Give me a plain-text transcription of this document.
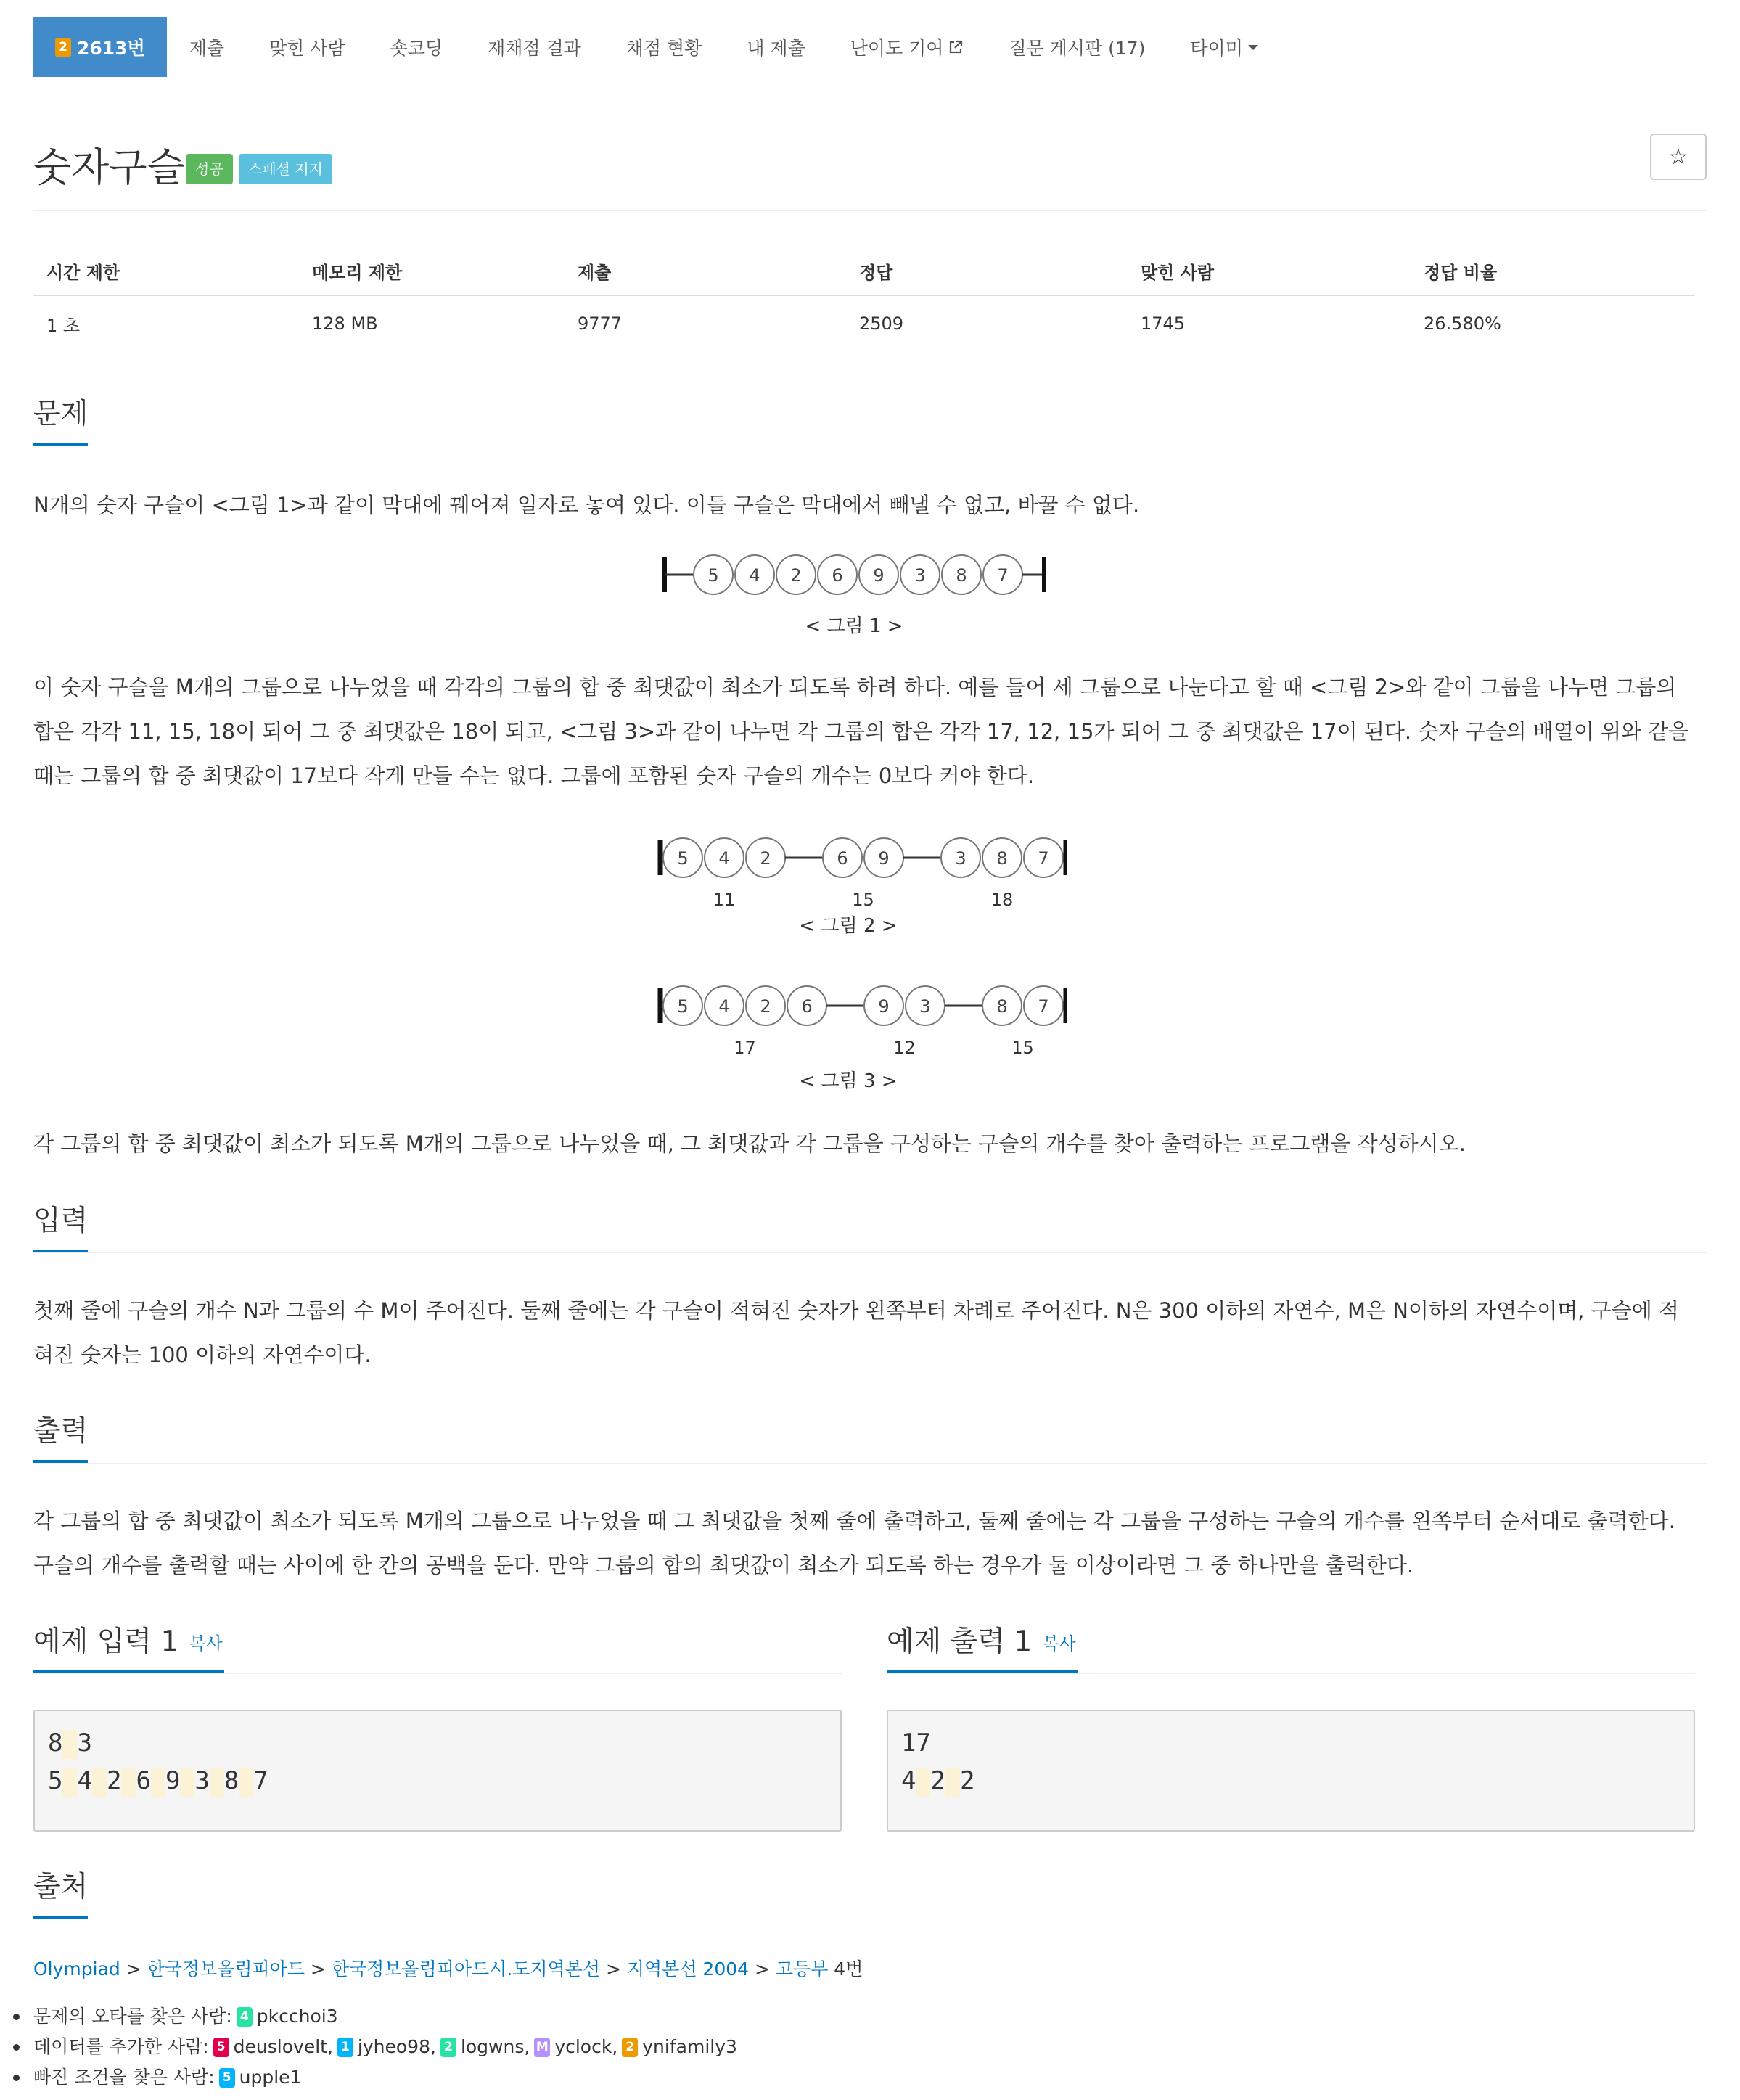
2 2613번	제출	맞힌 사람	숏코딩	재채점 결과	채점 현황	내 제출	난이도 기여	질문 게시판 (17)	타이머
숫자구슬 성공	스페셜 저지	☆
시간 제한	메모리 제한	제출	정답	맞힌 사람	정답 비율
1 초	128 MB	9777	2509	1745	26.580%
문제

N개의 숫자 구슬이 <그림 1>과 같이 막대에 꿰어져 일자로 놓여 있다. 이들 구슬은 막대에서 빼낼 수 없고, 바꿀 수 없다.

5 4 2 6 9 3 8 7
< 그림 1 >

이 숫자 구슬을 M개의 그룹으로 나누었을 때 각각의 그룹의 합 중 최댓값이 최소가 되도록 하려 하다. 예를 들어 세 그룹으로 나눈다고 할 때 <그림 2>와 같이 그룹을 나누면 그룹의 합은 각각 11, 15, 18이 되어 그 중 최댓값은 18이 되고, <그림 3>과 같이 나누면 각 그룹의 합은 각각 17, 12, 15가 되어 그 중 최댓값은 17이 된다. 숫자 구슬의 배열이 위와 같을 때는 그룹의 합 중 최댓값이 17보다 작게 만들 수는 없다. 그룹에 포함된 숫자 구슬의 개수는 0보다 커야 한다.

5 4 2
11
6 9
15
3 8 7
18
< 그림 2 >
5 4 2 6
17
9 3
12
8 7
15
< 그림 3 >

각 그룹의 합 중 최댓값이 최소가 되도록 M개의 그룹으로 나누었을 때, 그 최댓값과 각 그룹을 구성하는 구슬의 개수를 찾아 출력하는 프로그램을 작성하시오.

입력

첫째 줄에 구슬의 개수 N과 그룹의 수 M이 주어진다. 둘째 줄에는 각 구슬이 적혀진 숫자가 왼쪽부터 차례로 주어진다. N은 300 이하의 자연수, M은 N이하의 자연수이며, 구슬에 적혀진 숫자는 100 이하의 자연수이다.

출력

각 그룹의 합 중 최댓값이 최소가 되도록 M개의 그룹으로 나누었을 때 그 최댓값을 첫째 줄에 출력하고, 둘째 줄에는 각 그룹을 구성하는 구슬의 개수를 왼쪽부터 순서대로 출력한다. 구슬의 개수를 출력할 때는 사이에 한 칸의 공백을 둔다. 만약 그룹의 합의 최댓값이 최소가 되도록 하는 경우가 둘 이상이라면 그 중 하나만을 출력한다.

예제 입력 1 복사	예제 출력 1 복사
8 3
5 4 2 6 9 3 8 7
17
4 2 2
출처
Olympiad > 한국정보올림피아드 > 한국정보올림피아드시.도지역본선 > 지역본선 2004 > 고등부 4번
문제의 오타를 찾은 사람: 4 pkcchoi3
데이터를 추가한 사람: 5 deuslovelt, 1 jyheo98, 2 logwns, M yclock, 2 ynifamily3
빠진 조건을 찾은 사람: 5 upple1
